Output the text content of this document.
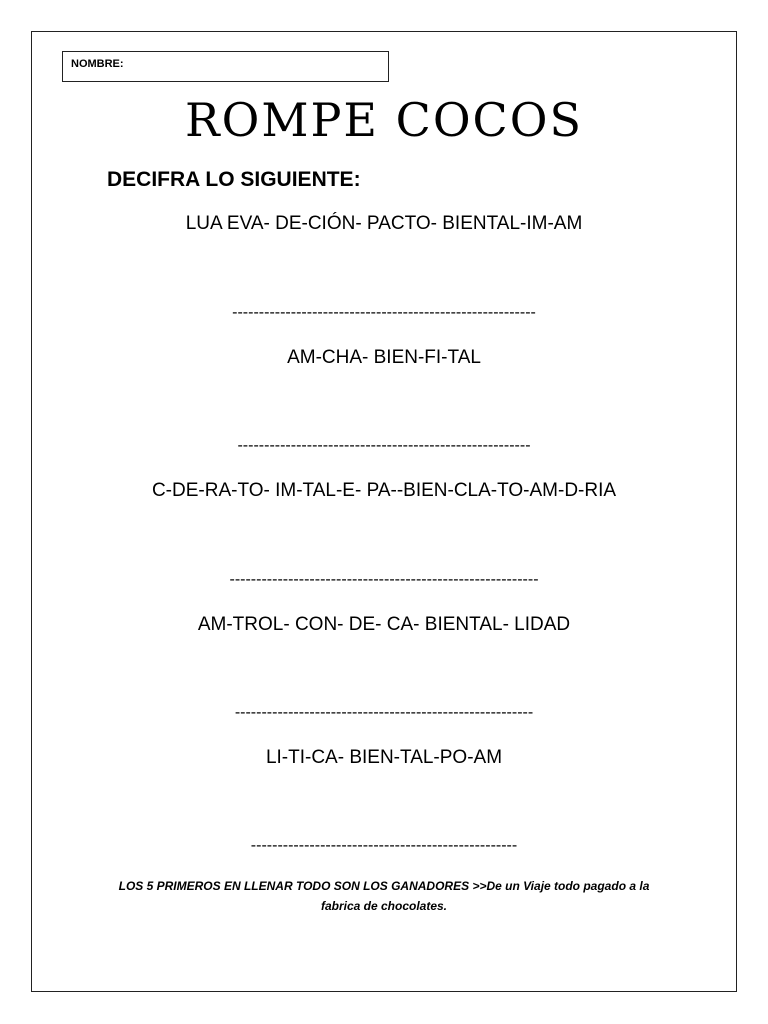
NOMBRE:
ROMPE COCOS
DECIFRA LO SIGUIENTE:
LUA EVA- DE-CIÓN- PACTO- BIENTAL-IM-AM
---------------------------------------------------------
AM-CHA- BIEN-FI-TAL
-------------------------------------------------------
C-DE-RA-TO- IM-TAL-E- PA--BIEN-CLA-TO-AM-D-RIA
----------------------------------------------------------
AM-TROL- CON- DE- CA- BIENTAL- LIDAD
--------------------------------------------------------
LI-TI-CA- BIEN-TAL-PO-AM
--------------------------------------------------
LOS 5 PRIMEROS EN LLENAR TODO SON LOS GANADORES >>De un Viaje todo pagado a la fabrica de chocolates.
